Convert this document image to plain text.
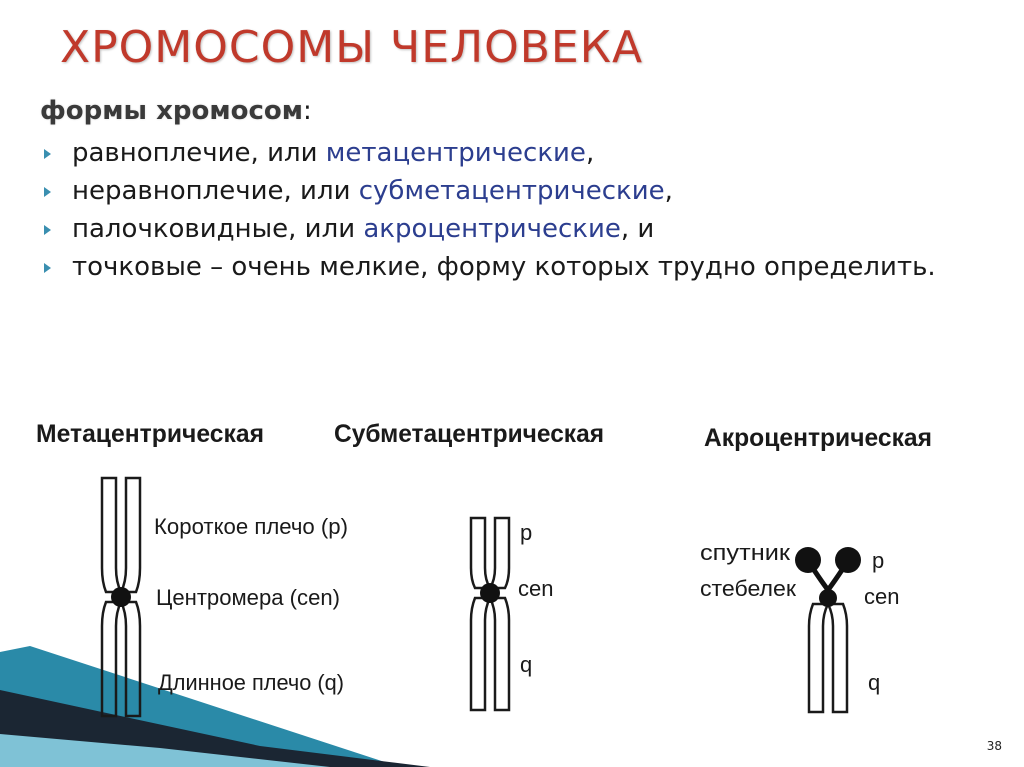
ХРОМОСОМЫ ЧЕЛОВЕКА
формы хромосом:
равноплечие, или метацентрические,
неравноплечие, или субметацентрические,
палочковидные, или акроцентрические, и
точковые – очень мелкие, форму которых трудно определить.
Метацентрическая
Короткое плечо (p)
Центромера (cen)
Длинное плечо (q)
Субметацентрическая
p
cen
q
Акроцентрическая
спутник
стебелек
p
cen
q
38
